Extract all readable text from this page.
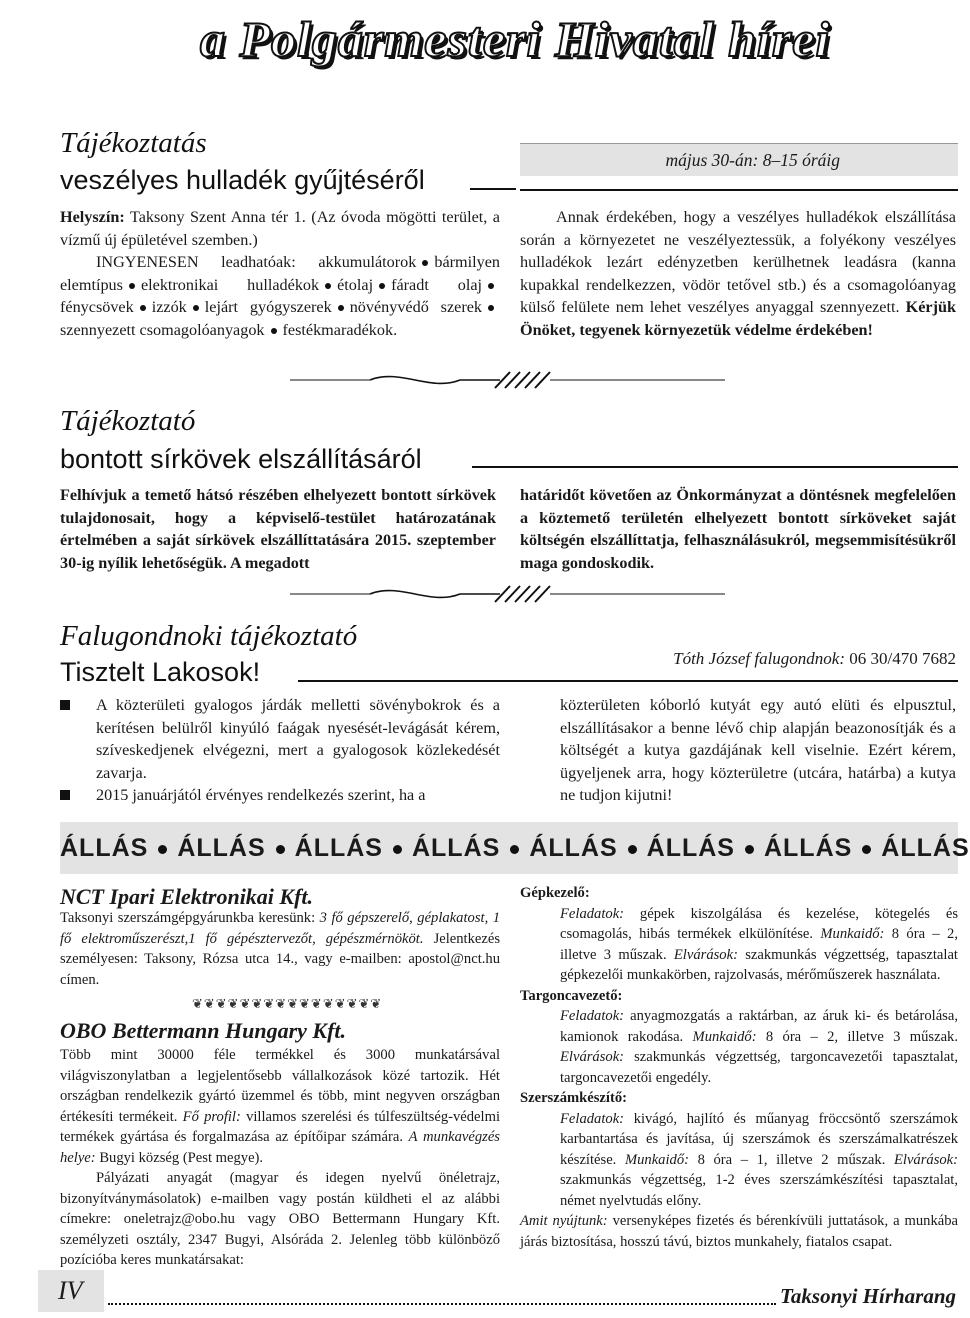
a Polgármesteri Hivatal hírei
Tájékoztatás
veszélyes hulladék gyűjtéséről
május 30-án: 8–15 óráig
Helyszín: Taksony Szent Anna tér 1. (Az óvoda mögötti terület, a vízmű új épületével szemben.)
INGYENESEN leadhatóak: akkumulátorok bármilyen elemtípus elektronikai hulladékok étolaj fáradt olajfénycsövek izzók lejárt gyógyszerek növényvédő szerekszennyezett csomagolóanyagok festékmaradékok.
Annak érdekében, hogy a veszélyes hulladékok elszállítása során a környezetet ne veszélyeztessük, a folyékony veszélyes hulladékok lezárt edényzetben kerülhetnek leadásra (kanna kupakkal rendelkezzen, vödör tetővel stb.) és a csomagolóanyag külső felülete nem lehet veszélyes anyaggal szennyezett. Kérjük Önöket, tegyenek környezetük védelme érdekében!
Tájékoztató
bontott sírkövek elszállításáról
Felhívjuk a temető hátsó részében elhelyezett bontott sírkövek tulajdonosait, hogy a képviselő-testület határozatának értelmében a saját sírkövek elszállíttatására 2015. szeptember 30-ig nyílik lehetőségük. A megadott
határidőt követően az Önkormányzat a döntésnek megfelelően a köztemető területén elhelyezett bontott sírköveket saját költségén elszállíttatja, felhasználásukról, megsemmisítésükről maga gondoskodik.
Falugondnoki tájékoztató
Tisztelt Lakosok!	Tóth József falugondnok: 06 30/470 7682
A közterületi gyalogos járdák melletti sövénybokrok és a kerítésen belülről kinyúló faágak nyesését-levágását kérem, szíveskedjenek elvégezni, mert a gyalogosok közlekedését zavarja.
2015 januárjától érvényes rendelkezés szerint, ha a
közterületen kóborló kutyát egy autó elüti és elpusztul, elszállításakor a benne lévő chip alapján beazonosítják és a költségét a kutya gazdájának kell viselnie. Ezért kérem, ügyeljenek arra, hogy közterületre (utcára, határba) a kutya ne tudjon kijutni!
ÁLLÁS ÁLLÁS ÁLLÁS ÁLLÁS ÁLLÁS ÁLLÁS ÁLLÁS ÁLLÁS
NCT Ipari Elektronikai Kft.
Taksonyi szerszámgépgyárunkba keresünk: 3 fő gépszerelő, géplakatost, 1 fő elektroműszerészt,1 fő gépésztervezőt, gépészmérnököt. Jelentkezés személyesen: Taksony, Rózsa utca 14., vagy e-mailben: apostol@nct.hu címen.
❦❦❦❦❦❦❦❦❦❦❦❦❦❦❦❦
OBO Bettermann Hungary Kft.
Több mint 30000 féle termékkel és 3000 munkatársával világviszonylatban a legjelentősebb vállalkozások közé tartozik. Hét országban rendelkezik gyártó üzemmel és több, mint negyven országban értékesíti termékeit. Fő profil: villamos szerelési és túlfeszültség-védelmi termékek gyártása és forgalmazása az építőipar számára. A munkavégzés helye: Bugyi község (Pest megye).
Pályázati anyagát (magyar és idegen nyelvű önéletrajz, bizonyítványmásolatok) e-mailben vagy postán küldheti el az alábbi címekre: oneletrajz@obo.hu vagy OBO Bettermann Hungary Kft. személyzeti osztály, 2347 Bugyi, Alsóráda 2. Jelenleg több különböző pozícióba keres munkatársakat:
Gépkezelő:
Feladatok: gépek kiszolgálása és kezelése, kötegelés és csomagolás, hibás termékek elkülönítése. Munkaidő: 8 óra – 2, illetve 3 műszak. Elvárások: szakmunkás végzettség, tapasztalat gépkezelői munkakörben, rajzolvasás, mérőműszerek használata.
Targoncavezető:
Feladatok: anyagmozgatás a raktárban, az áruk ki- és betárolása, kamionok rakodása. Munkaidő: 8 óra – 2, illetve 3 műszak. Elvárások: szakmunkás végzettség, targoncavezetői tapasztalat, targoncavezetői engedély.
Szerszámkészítő:
Feladatok: kivágó, hajlító és műanyag fröccsöntő szerszámok karbantartása és javítása, új szerszámok és szerszámalkatrészek készítése. Munkaidő: 8 óra – 1, illetve 2 műszak. Elvárások: szakmunkás végzettség, 1-2 éves szerszámkészítési tapasztalat, német nyelvtudás előny.
Amit nyújtunk: versenyképes fizetés és bérenkívüli juttatások, a munkába járás biztosítása, hosszú távú, biztos munkahely, fiatalos csapat.
IV	Taksonyi Hírharang
